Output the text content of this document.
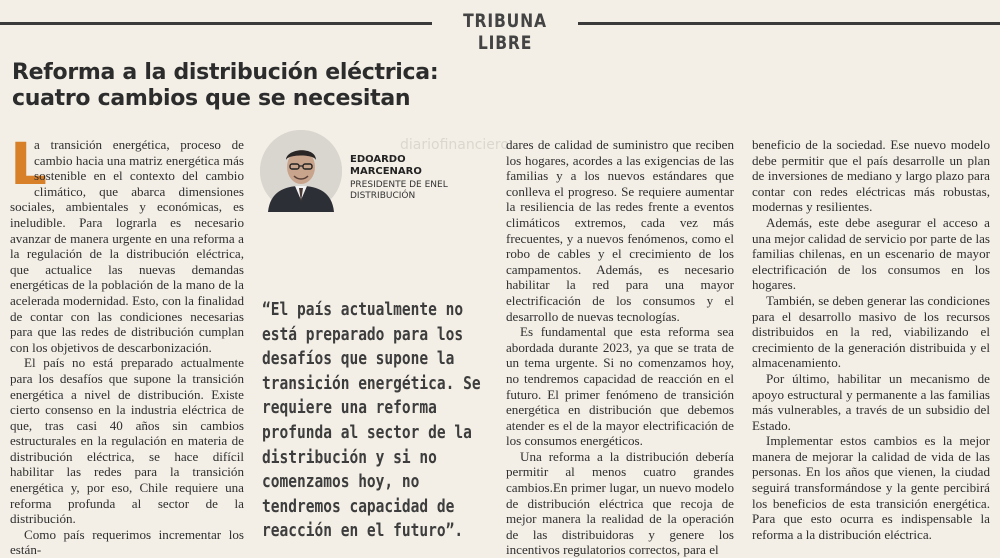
TRIBUNA LIBRE
Reforma a la distribución eléctrica:
cuatro cambios que se necesitan
diariofinanciero

L
a transición energética, proceso de cambio hacia una matriz energética más sostenible en el contexto del cambio climático, que abarca dimensiones sociales, ambientales y económicas, es ineludible. Para lograrla es necesario avanzar de manera urgente en una reforma a la regulación de la distribución eléctrica, que actualice las nuevas demandas energéticas de la población de la mano de la acelerada modernidad. Esto, con la finalidad de contar con las condiciones necesarias para que las redes de distribución cumplan con los objetivos de descarbonización.

El país no está preparado actualmente para los desafíos que supone la transición energética a nivel de distribución. Existe cierto consenso en la industria eléctrica de que, tras casi 40 años sin cambios estructurales en la regulación en materia de distribución eléctrica, se hace difícil habilitar las redes para la transición energética y, por eso, Chile requiere una reforma profunda al sector de la distribución.

Como país requerimos incrementar los están-

EDOARDO
MARCENARO
PRESIDENTE DE ENEL
DISTRIBUCIÓN
“El país actualmente no está preparado para los desafíos que supone la transición energética. Se requiere una reforma profunda al sector de la distribución y si no comenzamos hoy, no tendremos capacidad de reacción en el futuro”.

dares de calidad de suministro que reciben los hogares, acordes a las exigencias de las familias y a los nuevos estándares que conlleva el progreso. Se requiere aumentar la resiliencia de las redes frente a eventos climáticos extremos, cada vez más frecuentes, y a nuevos fenómenos, como el robo de cables y el crecimiento de los campamentos. Además, es necesario habilitar la red para una mayor electrificación de los consumos y el desarrollo de nuevas tecnologías.

Es fundamental que esta reforma sea abordada durante 2023, ya que se trata de un tema urgente. Si no comenzamos hoy, no tendremos capacidad de reacción en el futuro. El primer fenómeno de transición energética en distribución que debemos atender es el de la mayor electrificación de los consumos energéticos.

Una reforma a la distribución debería permitir al menos cuatro grandes cambios.En primer lugar, un nuevo modelo de distribución eléctrica que recoja de mejor manera la realidad de la operación de las distribuidoras y genere los incentivos regulatorios correctos, para el

beneficio de la sociedad. Ese nuevo modelo debe permitir que el país desarrolle un plan de inversiones de mediano y largo plazo para contar con redes eléctricas más robustas, modernas y resilientes.

Además, este debe asegurar el acceso a una mejor calidad de servicio por parte de las familias chilenas, en un escenario de mayor electrificación de los consumos en los hogares.

También, se deben generar las condiciones para el desarrollo masivo de los recursos distribuidos en la red, viabilizando el crecimiento de la generación distribuida y el almacenamiento.

Por último, habilitar un mecanismo de apoyo estructural y permanente a las familias más vulnerables, a través de un subsidio del Estado.

Implementar estos cambios es la mejor manera de mejorar la calidad de vida de las personas. En los años que vienen, la ciudad seguirá transformándose y la gente percibirá los beneficios de esta transición energética. Para que esto ocurra es indispensable la reforma a la distribución eléctrica.
